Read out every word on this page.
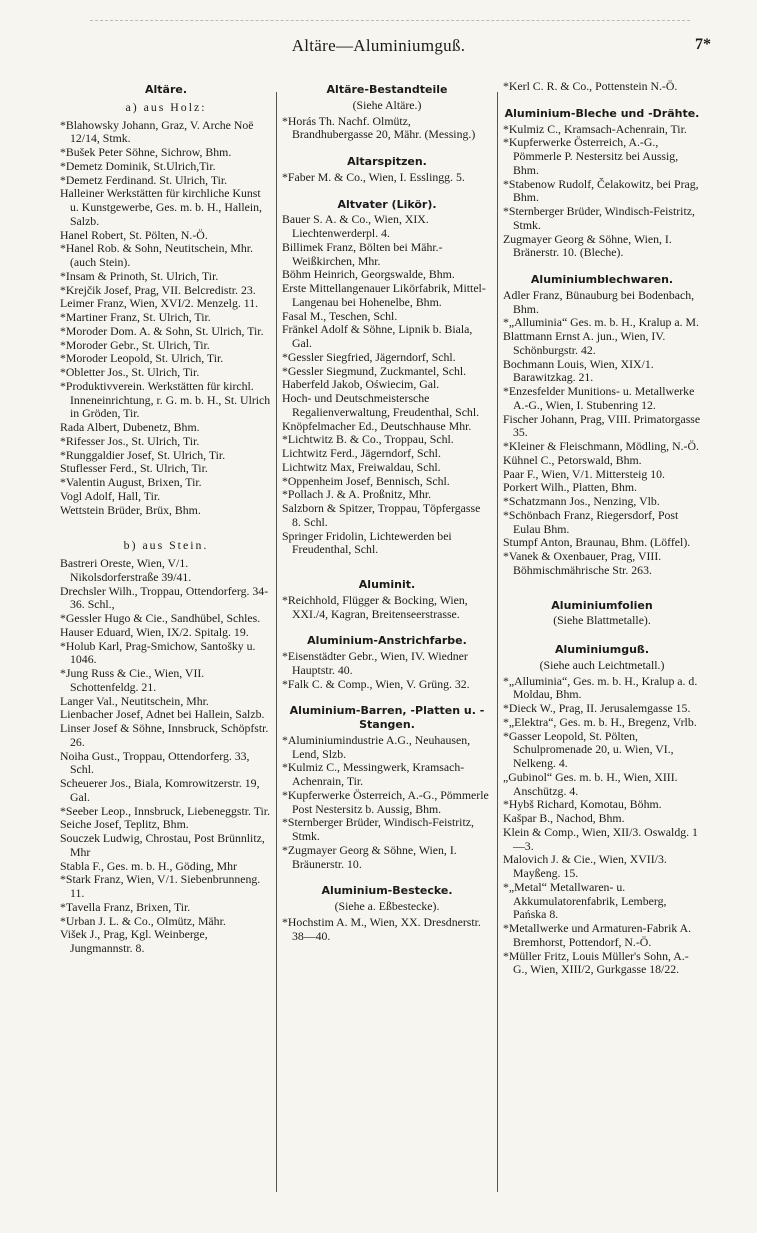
Altäre—Aluminiumguß.	7*
Altäre.
a) aus Holz:
*Blahowsky Johann, Graz, V. Arche Noë 12/14, Stmk.
*Bušek Peter Söhne, Sichrow, Bhm.
*Demetz Dominik, St.Ulrich,Tir.
*Demetz Ferdinand. St. Ulrich, Tir.
Halleiner Werkstätten für kirchliche Kunst u. Kunstgewerbe, Ges. m. b. H., Hallein, Salzb.
Hanel Robert, St. Pölten, N.-Ö.
*Hanel Rob. & Sohn, Neutitschein, Mhr. (auch Stein).
*Insam & Prinoth, St. Ulrich, Tir.
*Krejčik Josef, Prag, VII. Belcredistr. 23.
Leimer Franz, Wien, XVI/2. Menzelg. 11.
*Martiner Franz, St. Ulrich, Tir.
*Moroder Dom. A. & Sohn, St. Ulrich, Tir.
*Moroder Gebr., St. Ulrich, Tir.
*Moroder Leopold, St. Ulrich, Tir.
*Obletter Jos., St. Ulrich, Tir.
*Produktivverein. Werkstätten für kirchl. Inneneinrichtung, r. G. m. b. H., St. Ulrich in Gröden, Tir.
Rada Albert, Dubenetz, Bhm.
*Rifesser Jos., St. Ulrich, Tir.
*Runggaldier Josef, St. Ulrich, Tir.
Stuflesser Ferd., St. Ulrich, Tir.
*Valentin August, Brixen, Tir.
Vogl Adolf, Hall, Tir.
Wettstein Brüder, Brüx, Bhm.
b) aus Stein.
Bastreri Oreste, Wien, V/1. Nikolsdorferstraße 39/41.
Drechsler Wilh., Troppau, Ottendorferg. 34-36. Schl.,
*Gessler Hugo & Cie., Sandhübel, Schles.
Hauser Eduard, Wien, IX/2. Spitalg. 19.
*Holub Karl, Prag-Smichow, Santošky u. 1046.
*Jung Russ & Cie., Wien, VII. Schottenfeldg. 21.
Langer Val., Neutitschein, Mhr.
Lienbacher Josef, Adnet bei Hallein, Salzb.
Linser Josef & Söhne, Innsbruck, Schöpfstr. 26.
Noiha Gust., Troppau, Ottendorferg. 33, Schl.
Scheuerer Jos., Biala, Komrowitzerstr. 19, Gal.
*Seeber Leop., Innsbruck, Liebeneggstr. Tir.
Seiche Josef, Teplitz, Bhm.
Souczek Ludwig, Chrostau, Post Brünnlitz, Mhr
Stabla F., Ges. m. b. H., Göding, Mhr
*Stark Franz, Wien, V/1. Siebenbrunneng. 11.
*Tavella Franz, Brixen, Tir.
*Urban J. L. & Co., Olmütz, Mähr.
Višek J., Prag, Kgl. Weinberge, Jungmannstr. 8.
Altäre-Bestandteile
(Siehe Altäre.)
*Horás Th. Nachf. Olmütz, Brandhubergasse 20, Mähr. (Messing.)
Altarspitzen.
*Faber M. & Co., Wien, I. Esslingg. 5.
Altvater (Likör).
Bauer S. A. & Co., Wien, XIX. Liechtenwerderpl. 4.
Billimek Franz, Bölten bei Mähr.-Weißkirchen, Mhr.
Böhm Heinrich, Georgswalde, Bhm.
Erste Mittellangenauer Likörfabrik, Mittel-Langenau bei Hohenelbe, Bhm.
Fasal M., Teschen, Schl.
Fränkel Adolf & Söhne, Lipnik b. Biala, Gal.
*Gessler Siegfried, Jägerndorf, Schl.
*Gessler Siegmund, Zuckmantel, Schl.
Haberfeld Jakob, Oświecim, Gal.
Hoch- und Deutschmeistersche Regalienverwaltung, Freudenthal, Schl.
Knöpfelmacher Ed., Deutschhause Mhr.
*Lichtwitz B. & Co., Troppau, Schl.
Lichtwitz Ferd., Jägerndorf, Schl.
Lichtwitz Max, Freiwaldau, Schl.
*Oppenheim Josef, Bennisch, Schl.
*Pollach J. & A. Proßnitz, Mhr.
Salzborn & Spitzer, Troppau, Töpfergasse 8. Schl.
Springer Fridolin, Lichtewerden bei Freudenthal, Schl.
Aluminit.
*Reichhold, Flügger & Bocking, Wien, XXI./4, Kagran, Breitenseerstrasse.
Aluminium-Anstrichfarbe.
*Eisenstädter Gebr., Wien, IV. Wiedner Hauptstr. 40.
*Falk C. & Comp., Wien, V. Grüng. 32.
Aluminium-Barren, -Platten u. -Stangen.
*Aluminiumindustrie A.G., Neuhausen, Lend, Slzb.
*Kulmiz C., Messingwerk, Kramsach-Achenrain, Tir.
*Kupferwerke Österreich, A.-G., Pömmerle Post Nestersitz b. Aussig, Bhm.
*Sternberger Brüder, Windisch-Feistritz, Stmk.
*Zugmayer Georg & Söhne, Wien, I. Bräunerstr. 10.
Aluminium-Bestecke.
(Siehe a. Eßbestecke).
*Hochstim A. M., Wien, XX. Dresdnerstr. 38—40.
*Kerl C. R. & Co., Pottenstein N.-Ö.
Aluminium-Bleche und -Drähte.
*Kulmiz C., Kramsach-Achenrain, Tir.
*Kupferwerke Österreich, A.-G., Pömmerle P. Nestersitz bei Aussig, Bhm.
*Stabenow Rudolf, Čelakowitz, bei Prag, Bhm.
*Sternberger Brüder, Windisch-Feistritz, Stmk.
Zugmayer Georg & Söhne, Wien, I. Bränerstr. 10. (Bleche).
Aluminiumblechwaren.
Adler Franz, Bünauburg bei Bodenbach, Bhm.
*„Alluminia“ Ges. m. b. H., Kralup a. M.
Blattmann Ernst A. jun., Wien, IV. Schönburgstr. 42.
Bochmann Louis, Wien, XIX/1. Barawitzkag. 21.
*Enzesfelder Munitions- u. Metallwerke A.-G., Wien, I. Stubenring 12.
Fischer Johann, Prag, VIII. Primatorgasse 35.
*Kleiner & Fleischmann, Mödling, N.-Ö.
Kühnel C., Petorswald, Bhm.
Paar F., Wien, V/1. Mittersteig 10.
Porkert Wilh., Platten, Bhm.
*Schatzmann Jos., Nenzing, Vlb.
*Schönbach Franz, Riegersdorf, Post Eulau Bhm.
Stumpf Anton, Braunau, Bhm. (Löffel).
*Vanek & Oxenbauer, Prag, VIII. Böhmischmährische Str. 263.
Aluminiumfolien
(Siehe Blattmetalle).
Aluminiumguß.
(Siehe auch Leichtmetall.)
*„Alluminia“, Ges. m. b. H., Kralup a. d. Moldau, Bhm.
*Dieck W., Prag, II. Jerusalemgasse 15.
*„Elektra“, Ges. m. b. H., Bregenz, Vrlb.
*Gasser Leopold, St. Pölten, Schulpromenade 20, u. Wien, VI., Nelkeng. 4.
„Gubinol“ Ges. m. b. H., Wien, XIII. Anschützg. 4.
*Hybš Richard, Komotau, Böhm.
Kašpar B., Nachod, Bhm.
Klein & Comp., Wien, XII/3. Oswaldg. 1—3.
Malovich J. & Cie., Wien, XVII/3. Mayßeng. 15.
*„Metal“ Metallwaren- u. Akkumulatorenfabrik, Lemberg, Pańska 8.
*Metallwerke und Armaturen-Fabrik A. Bremhorst, Pottendorf, N.-Ö.
*Müller Fritz, Louis Müller's Sohn, A.-G., Wien, XIII/2, Gurkgasse 18/22.
